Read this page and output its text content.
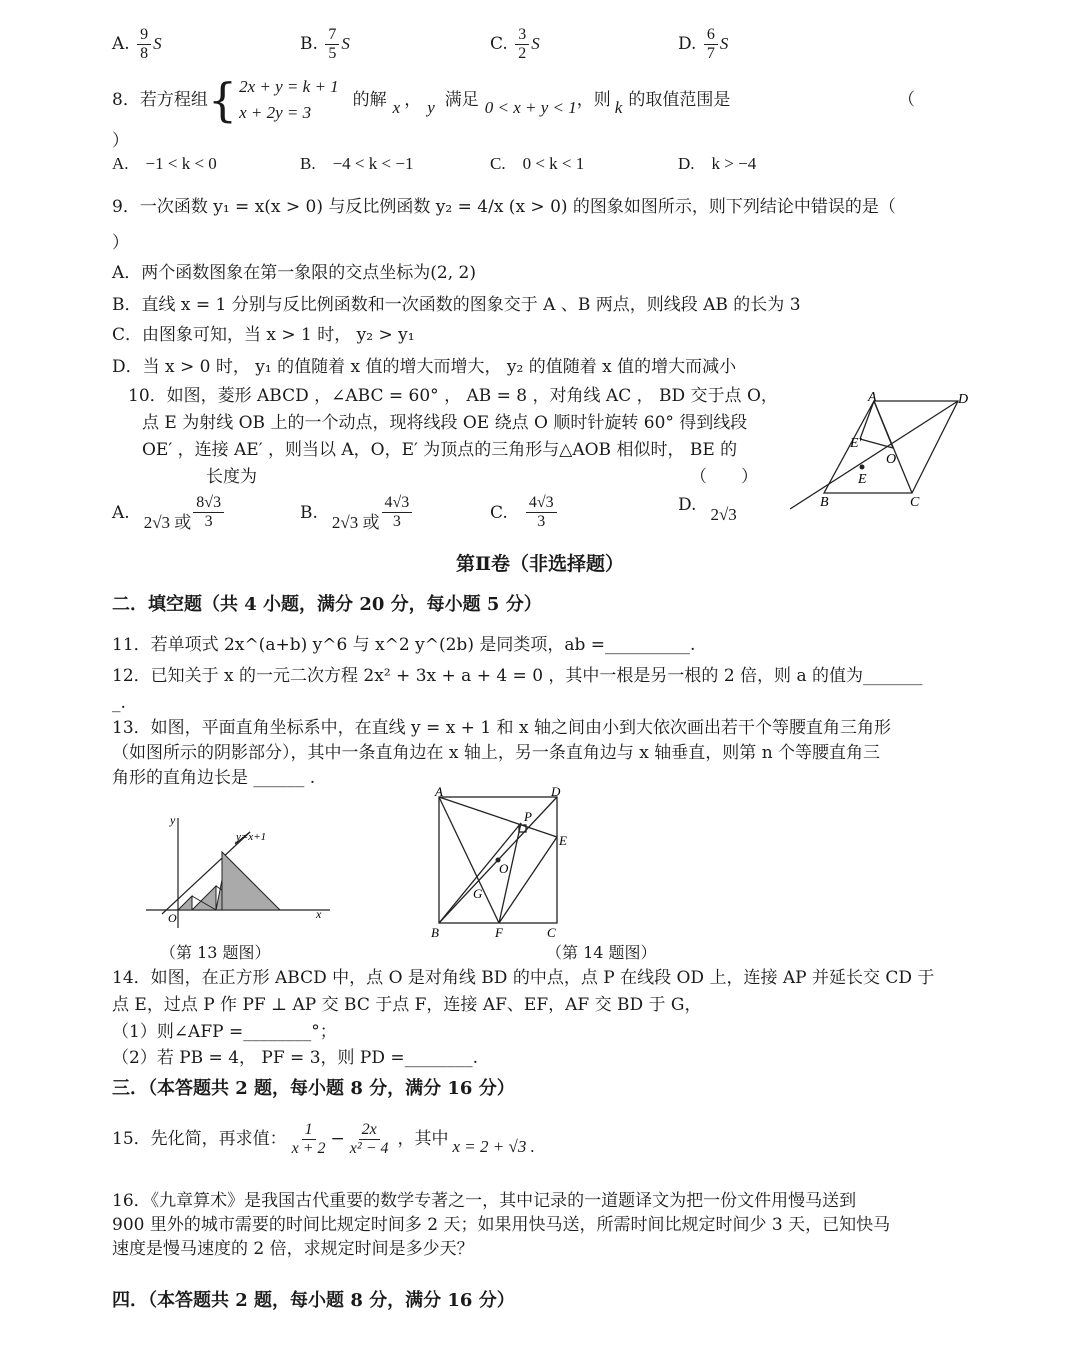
A. $\frac{9}{8}$ S	B. $\frac{7}{5}$ S	C. $\frac{3}{2}$ S	D. $\frac{6}{7}$ S
8．若方程组 { 2x + y = k + 1
x + 2y = 3
的解 x ， y 满足 0 < x + y < 1 ，则 k 的取值范围是	（
）
A.　−1 < k < 0	B.　−4 < k < −1	C.　0 < k < 1	D.　k > −4
9．一次函数 y₁ = x(x > 0) 与反比例函数 y₂ = 4/x (x > 0) 的图象如图所示，则下列结论中错误的是（
）
A．两个函数图象在第一象限的交点坐标为(2, 2)
B．直线 x = 1 分别与反比例函数和一次函数的图象交于 A 、B 两点，则线段 AB 的长为 3
C．由图象可知，当 x > 1 时， y₂ > y₁
D．当 x > 0 时， y₁ 的值随着 x 值的增大而增大， y₂ 的值随着 x 值的增大而减小
10．如图，菱形 ABCD ，∠ABC = 60° ， AB = 8 ，对角线 AC ， BD 交于点 O，
点 E 为射线 OB 上的一个动点，现将线段 OE 绕点 O 顺时针旋转 60° 得到线段
OE′ ，连接 AE′ ，则当以 A，O，E′ 为顶点的三角形与△AOB 相似时， BE 的
长度为	（　　）
A	D
B	C
E
E′
O
A. 2√3 或 $\frac{8√3}{3}$	B. 2√3 或 $\frac{4√3}{3}$	C. $\frac{4√3}{3}$	D. 2√3
第Ⅱ卷（非选择题）
二．填空题（共 4 小题，满分 20 分，每小题 5 分）
11．若单项式 2x^(a+b) y^6 与 x^2 y^(2b) 是同类项，ab =__________.
12．已知关于 x 的一元二次方程 2x² + 3x + a + 4 = 0 ，其中一根是另一根的 2 倍，则 a 的值为_______
_.
13．如图，平面直角坐标系中，在直线 y = x + 1 和 x 轴之间由小到大依次画出若干个等腰直角三角形
（如图所示的阴影部分），其中一条直角边在 x 轴上，另一条直角边与 x 轴垂直，则第 n 个等腰直角三
角形的直角边长是 ______ .
y
x
O
y=x+1
（第 13 题图）
A	D
P
E
O
G
B	F	C
（第 14 题图）
14．如图，在正方形 ABCD 中，点 O 是对角线 BD 的中点，点 P 在线段 OD 上，连接 AP 并延长交 CD 于
点 E，过点 P 作 PF ⊥ AP 交 BC 于点 F，连接 AF、EF，AF 交 BD 于 G，
（1）则∠AFP =________°；
（2）若 PB = 4， PF = 3，则 PD =________.
三．（本答题共 2 题，每小题 8 分，满分 16 分）
15．先化简，再求值： $\frac{1}{x + 2} - \frac{2x}{\text{x² − 4}}$ ，其中 x = 2 + √3 .
16．《九章算术》是我国古代重要的数学专著之一，其中记录的一道题译文为把一份文件用慢马送到
900 里外的城市需要的时间比规定时间多 2 天；如果用快马送，所需时间比规定时间少 3 天，已知快马
速度是慢马速度的 2 倍，求规定时间是多少天？
四．（本答题共 2 题，每小题 8 分，满分 16 分）
